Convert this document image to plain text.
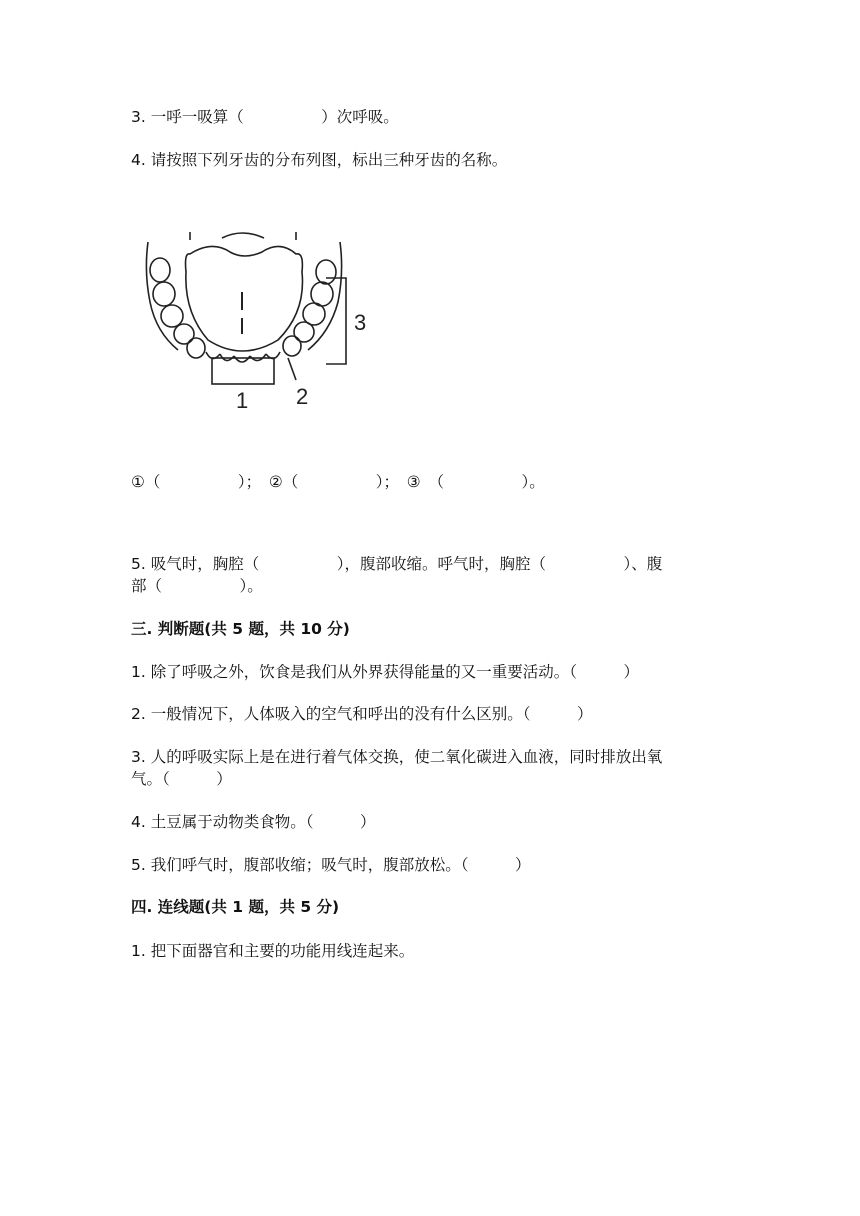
3. 一呼一吸算（　　　　　）次呼吸。
4. 请按照下列牙齿的分布列图，标出三种牙齿的名称。
1 2
3
①（　　　　　）；　②（　　　　　）；　③　（　　　　　）。
5. 吸气时，胸腔（　　　　　），腹部收缩。呼气时，胸腔（　　　　　）、腹
部（　　　　　）。
三. 判断题(共 5 题，共 10 分)
1. 除了呼吸之外，饮食是我们从外界获得能量的又一重要活动。（　　　）
2. 一般情况下，人体吸入的空气和呼出的没有什么区别。（　　　）
3. 人的呼吸实际上是在进行着气体交换，使二氧化碳进入血液，同时排放出氧
气。（　　　）
4. 土豆属于动物类食物。（　　　）
5. 我们呼气时，腹部收缩；吸气时，腹部放松。（　　　）
四. 连线题(共 1 题，共 5 分)
1. 把下面器官和主要的功能用线连起来。
